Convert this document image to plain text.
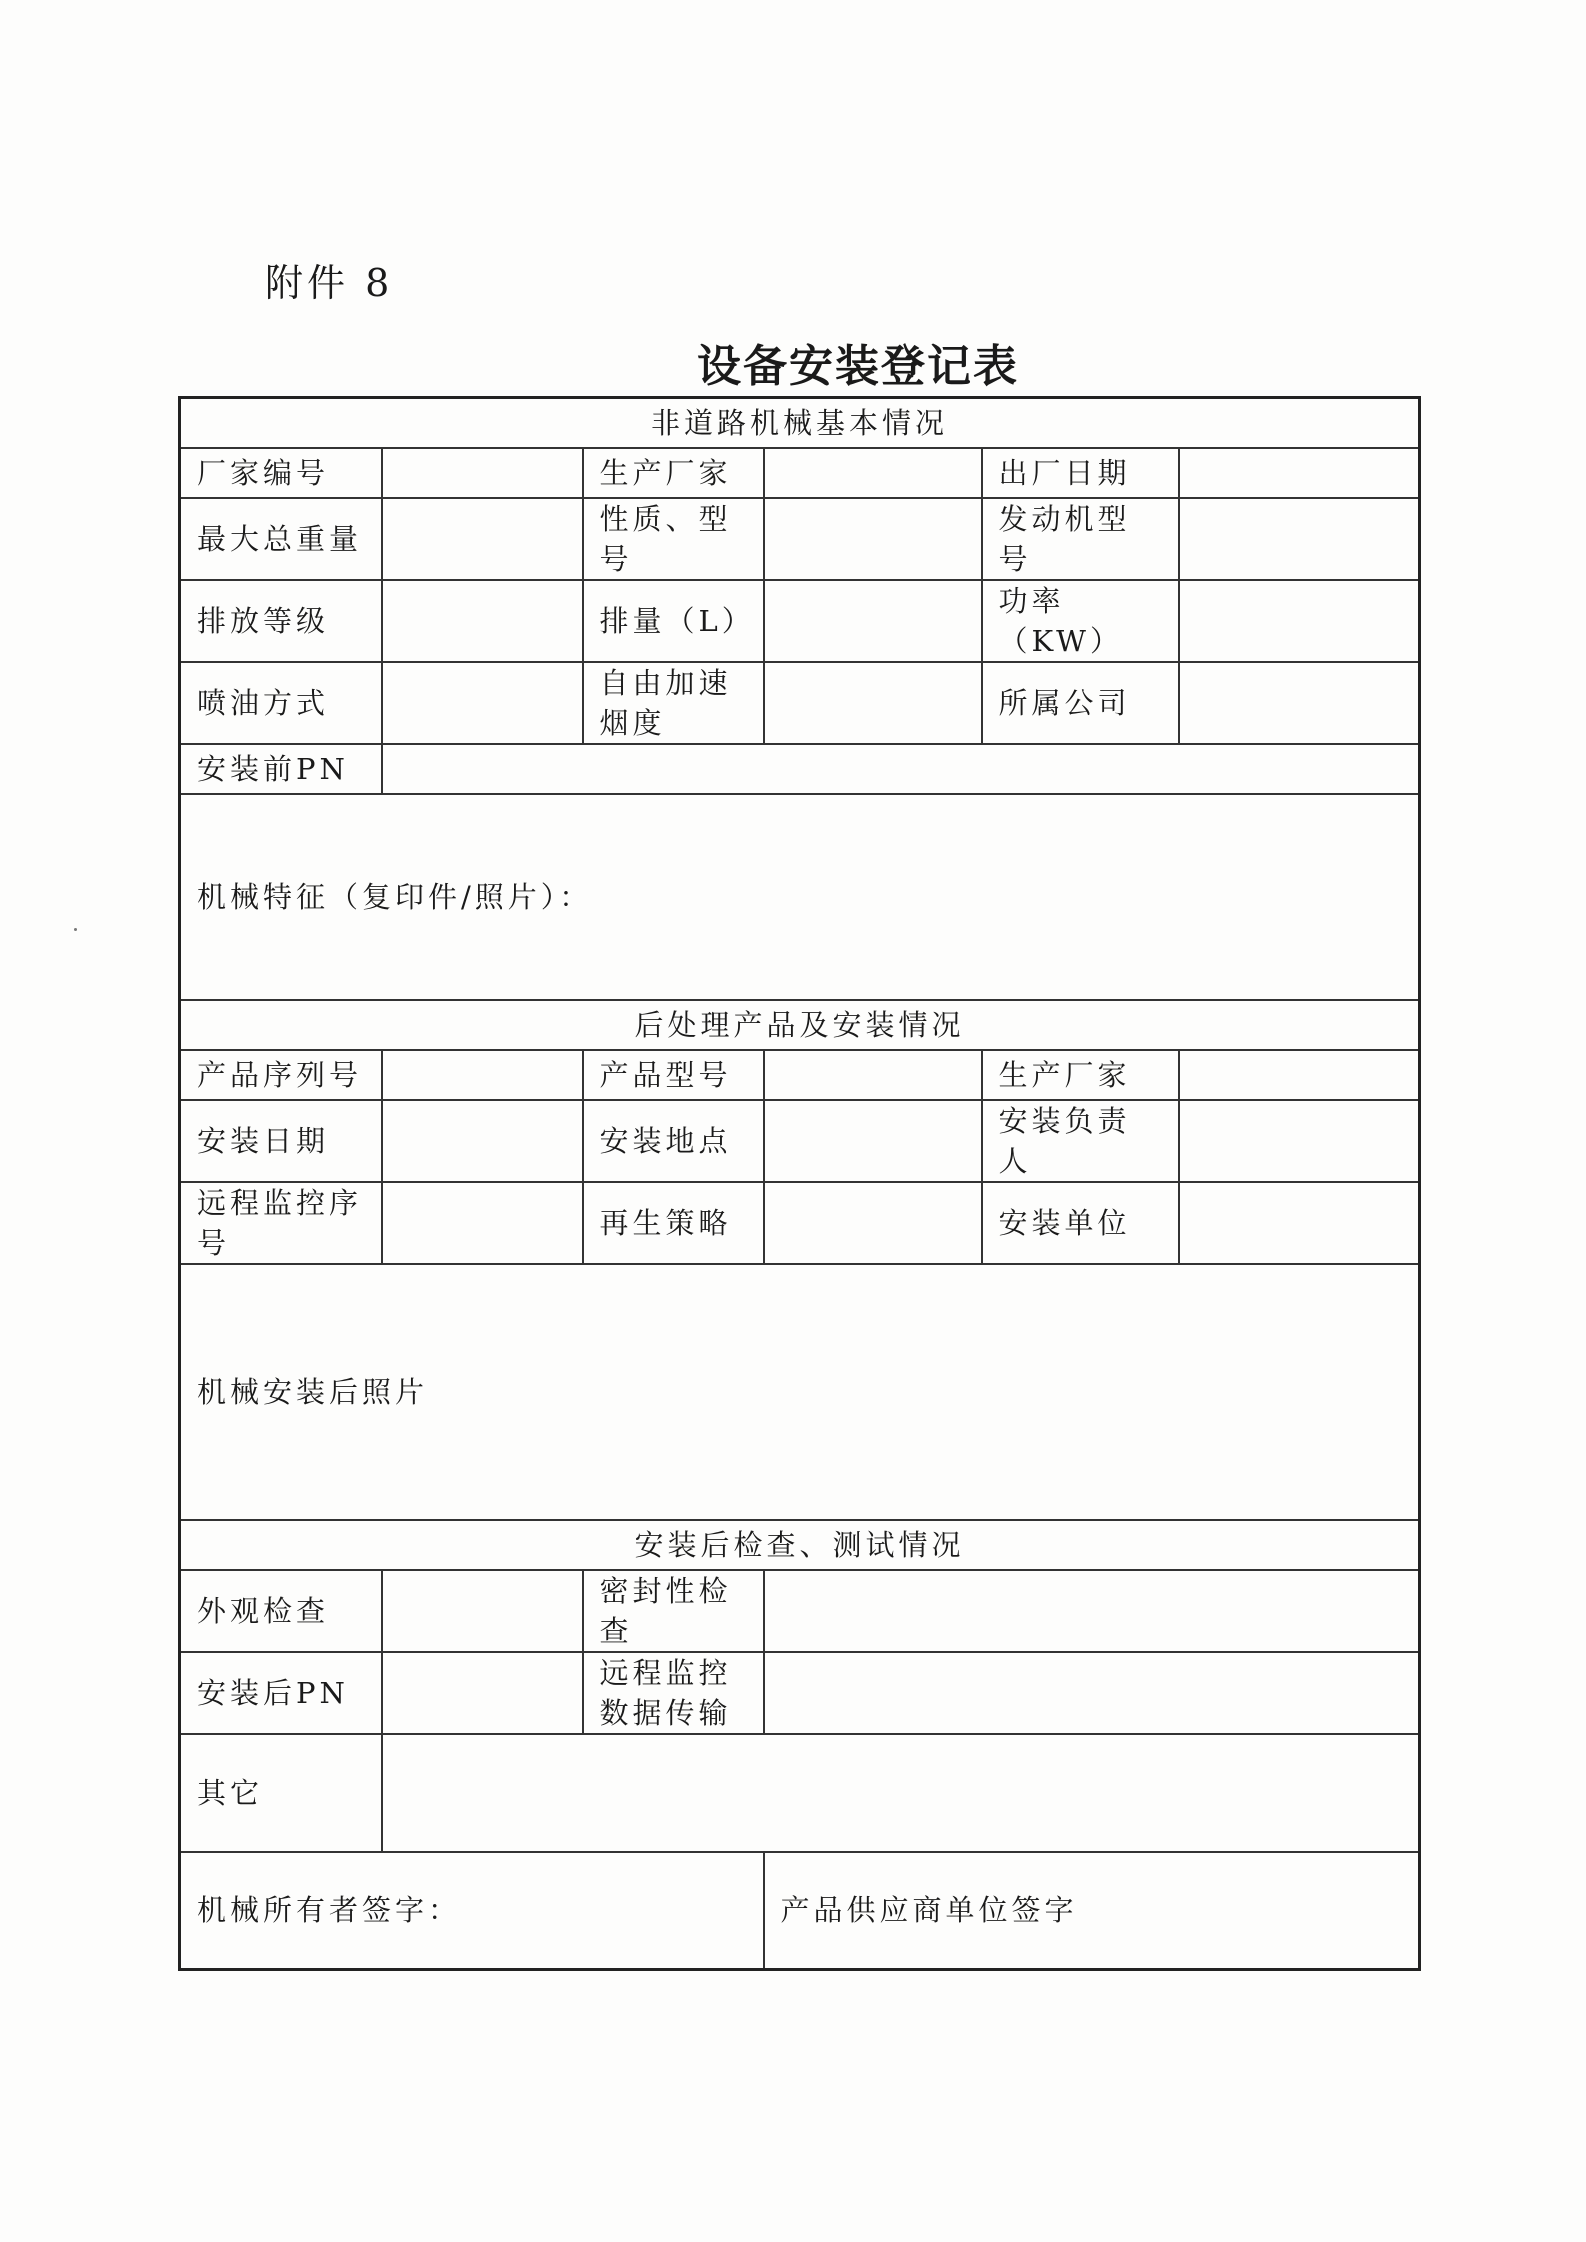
附件 8
设备安装登记表
非道路机械基本情况					
厂家编号		生产厂家		出厂日期	
最大总重量		性质、型号		发动机型号	
排放等级		排量（L）		功率（KW）	
喷油方式		自由加速烟度		所属公司	
安装前PN					
机械特征（复印件/照片）：					
后处理产品及安装情况					
产品序列号		产品型号		生产厂家	
安装日期		安装地点		安装负责人	
远程监控序号		再生策略		安装单位	
机械安装后照片					
安装后检查、测试情况					
外观检查		密封性检查			
安装后PN		远程监控数据传输			
其它					
机械所有者签字：			产品供应商单位签字		
